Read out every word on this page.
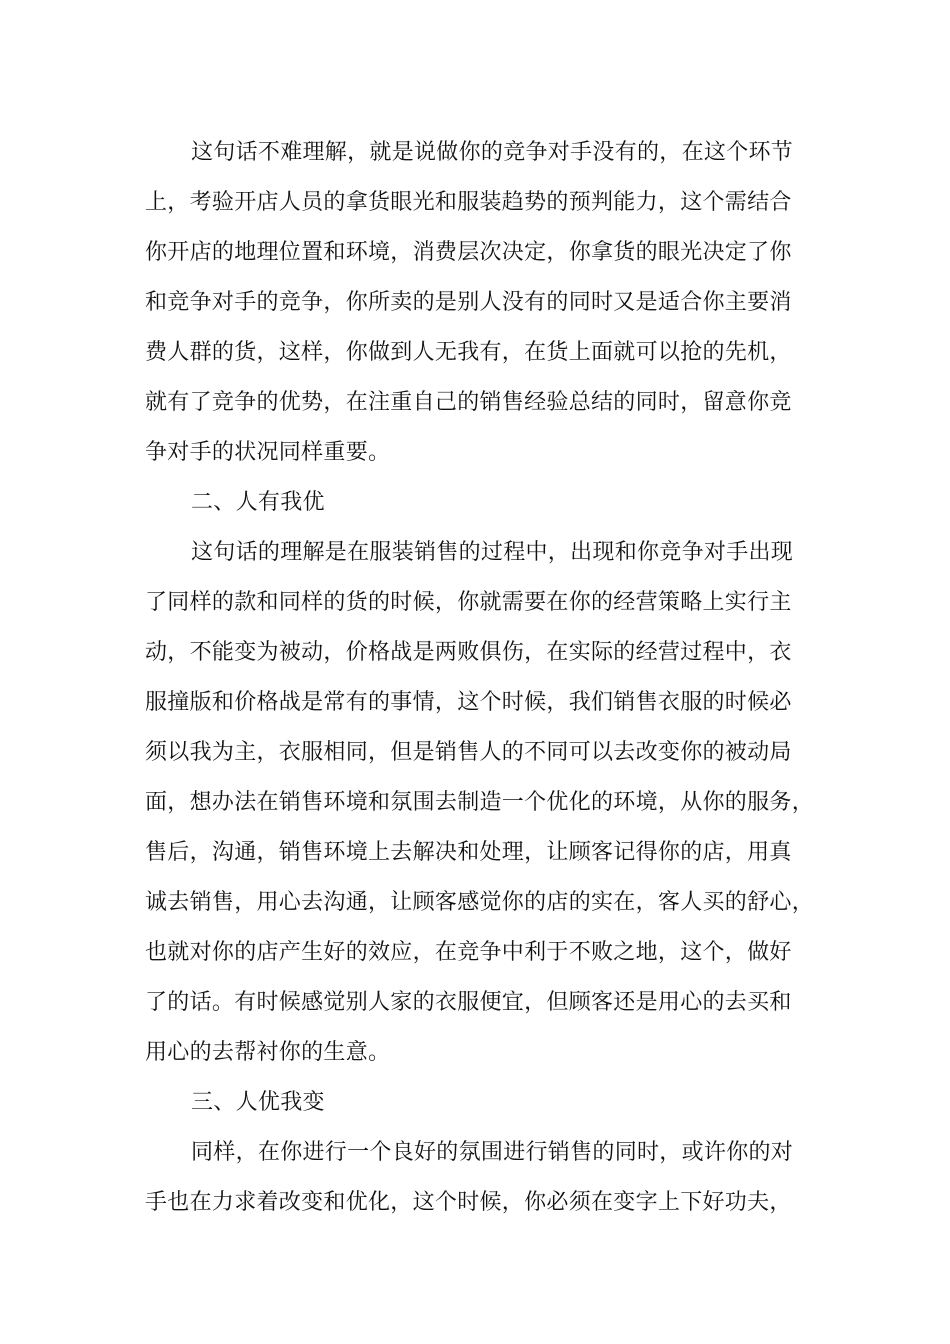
这句话不难理解，就是说做你的竞争对手没有的，在这个环节
上，考验开店人员的拿货眼光和服装趋势的预判能力，这个需结合
你开店的地理位置和环境，消费层次决定，你拿货的眼光决定了你
和竞争对手的竞争，你所卖的是别人没有的同时又是适合你主要消
费人群的货，这样，你做到人无我有，在货上面就可以抢的先机，
就有了竞争的优势，在注重自己的销售经验总结的同时，留意你竞
争对手的状况同样重要。
二、人有我优
这句话的理解是在服装销售的过程中，出现和你竞争对手出现
了同样的款和同样的货的时候，你就需要在你的经营策略上实行主
动，不能变为被动，价格战是两败俱伤，在实际的经营过程中，衣
服撞版和价格战是常有的事情，这个时候，我们销售衣服的时候必
须以我为主，衣服相同，但是销售人的不同可以去改变你的被动局
面，想办法在销售环境和氛围去制造一个优化的环境，从你的服务，
售后，沟通，销售环境上去解决和处理，让顾客记得你的店，用真
诚去销售，用心去沟通，让顾客感觉你的店的实在，客人买的舒心，
也就对你的店产生好的效应，在竞争中利于不败之地，这个，做好
了的话。有时候感觉别人家的衣服便宜，但顾客还是用心的去买和
用心的去帮衬你的生意。
三、人优我变
同样，在你进行一个良好的氛围进行销售的同时，或许你的对
手也在力求着改变和优化，这个时候，你必须在变字上下好功夫，
